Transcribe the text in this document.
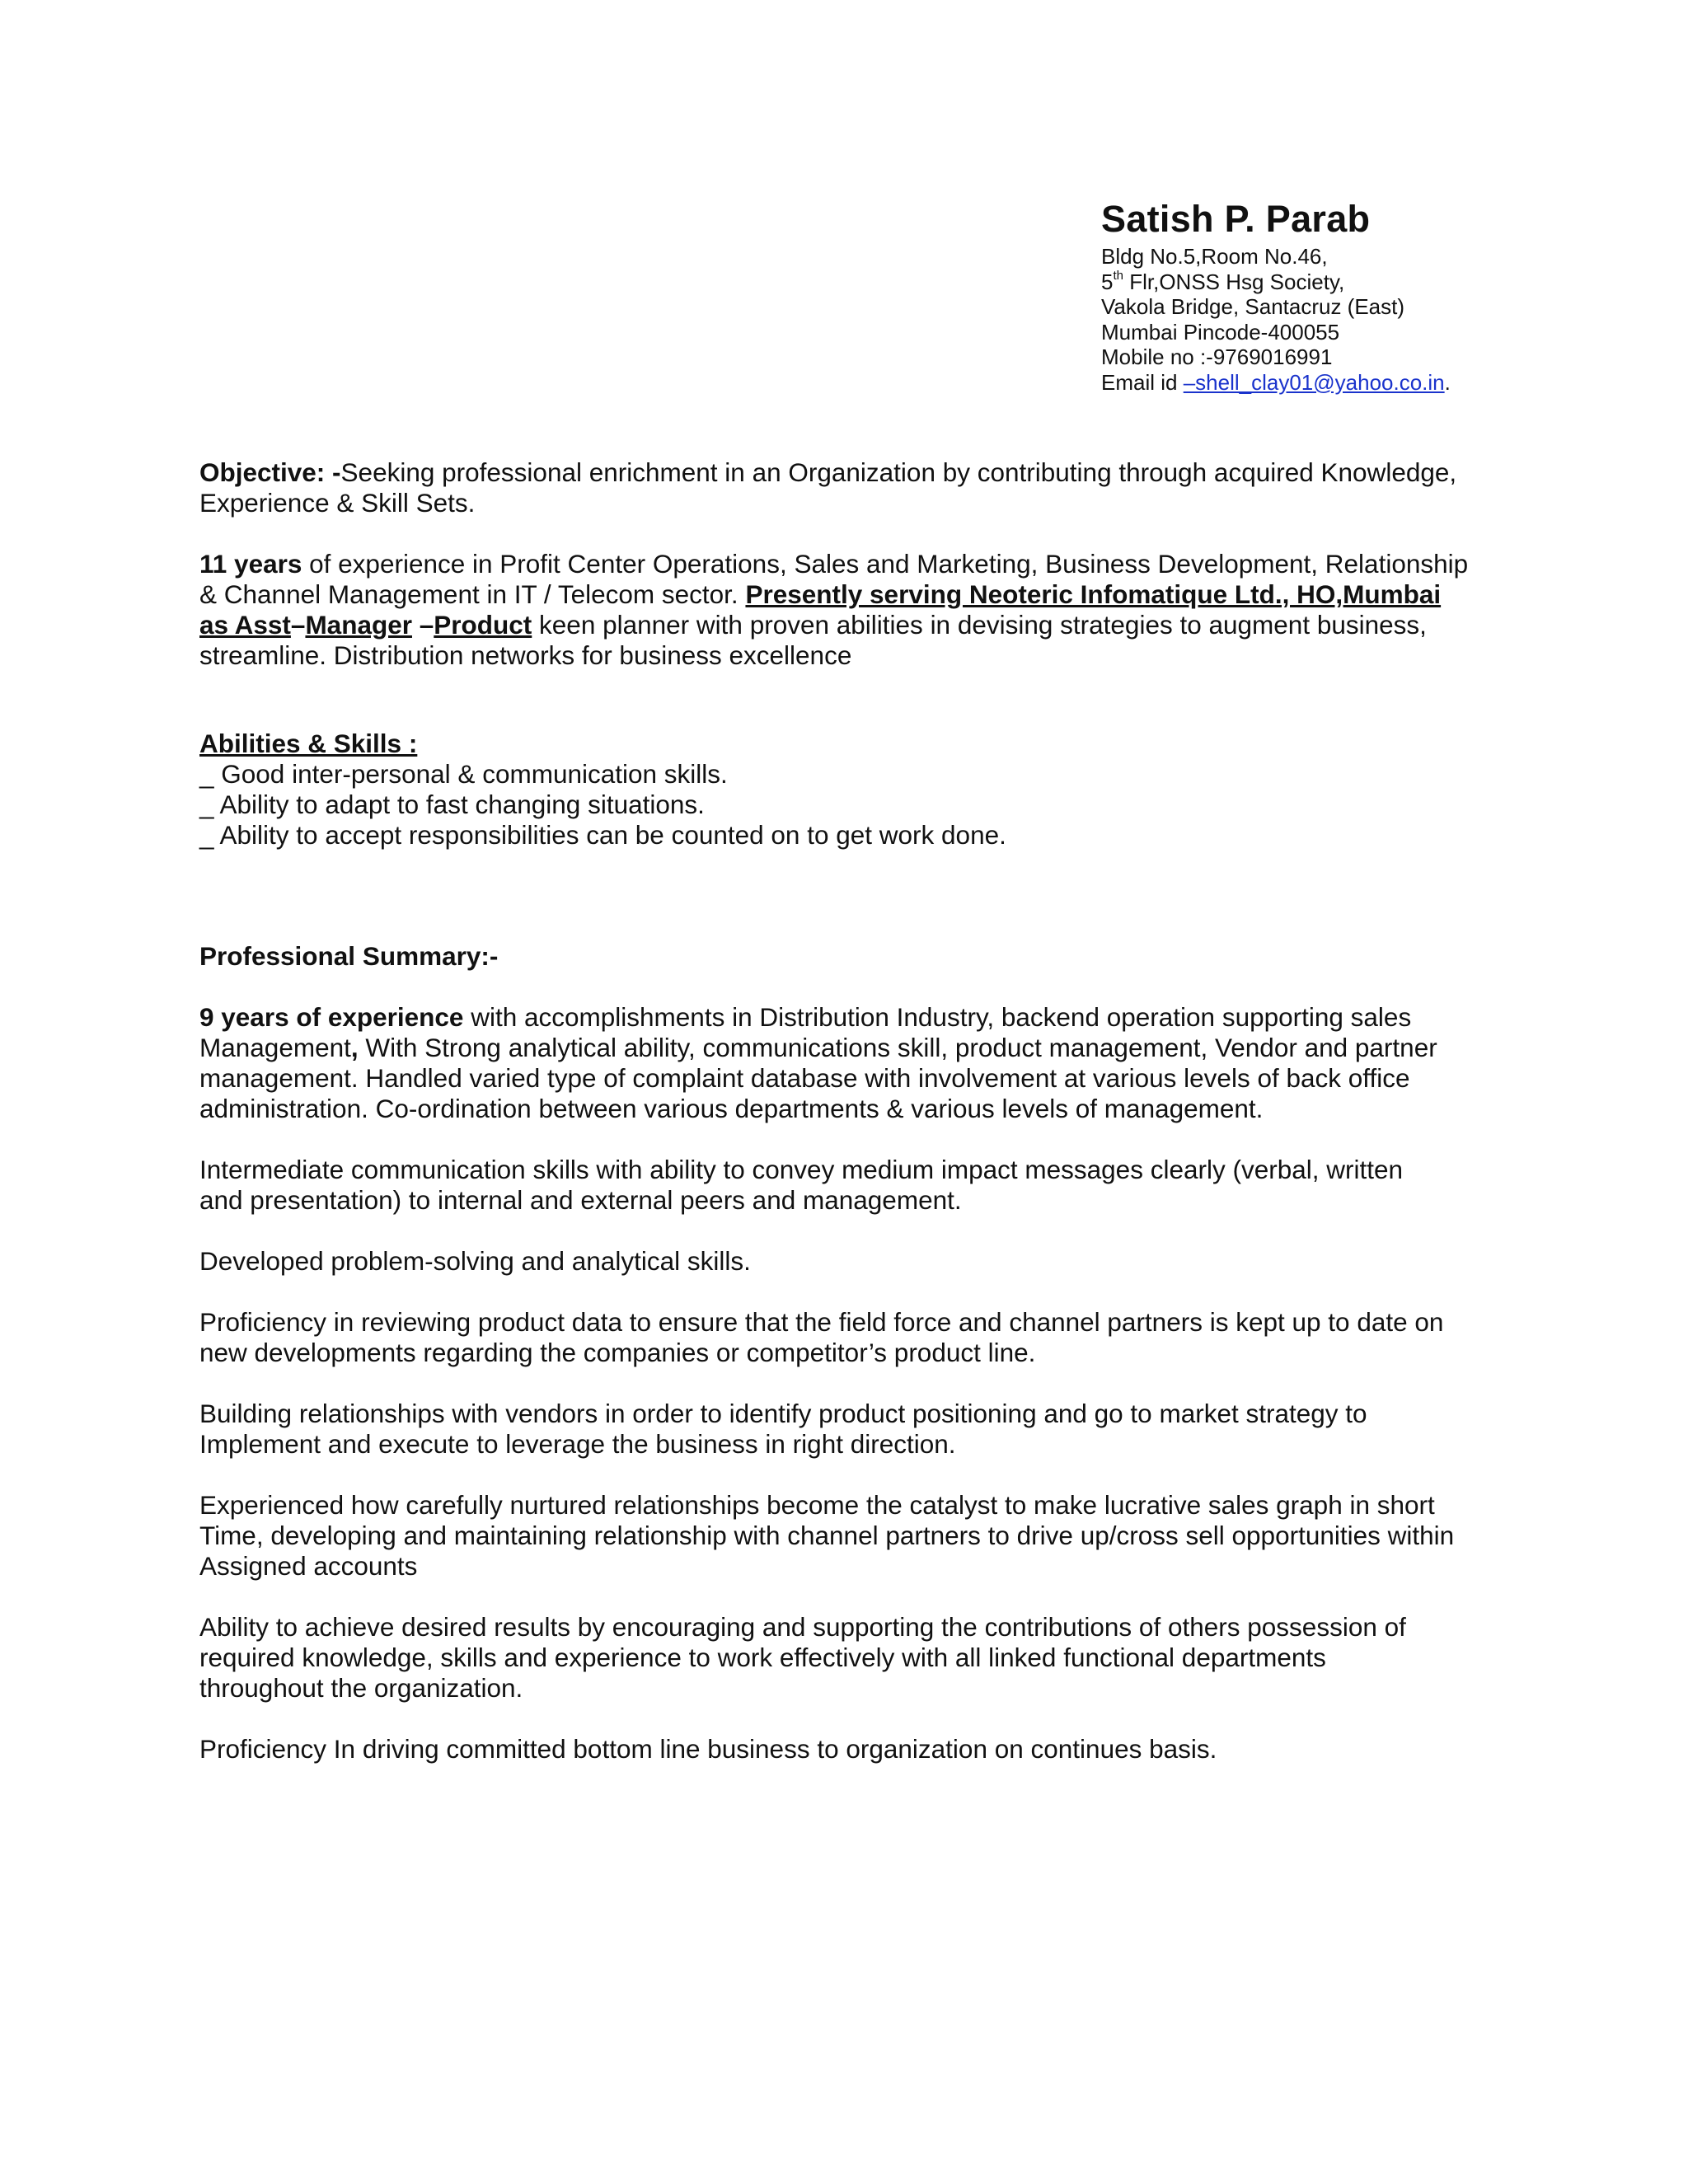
Satish P. Parab
Bldg No.5,Room No.46,
5th Flr,ONSS Hsg Society,
Vakola Bridge, Santacruz (East)
Mumbai Pincode-400055
Mobile no :-9769016991
Email id –shell_clay01@yahoo.co.in.
Objective: -Seeking professional enrichment in an Organization by contributing through acquired Knowledge,
Experience & Skill Sets.
11 years of experience in Profit Center Operations, Sales and Marketing, Business Development, Relationship
& Channel Management in IT / Telecom sector. Presently serving Neoteric Infomatique Ltd., HO,Mumbai
as Asst–Manager –Product keen planner with proven abilities in devising strategies to augment business,
streamline. Distribution networks for business excellence
Abilities & Skills :
_ Good inter-personal & communication skills.
_ Ability to adapt to fast changing situations.
_ Ability to accept responsibilities can be counted on to get work done.
Professional Summary:-
9 years of experience with accomplishments in Distribution Industry, backend operation supporting sales
Management, With Strong analytical ability, communications skill, product management, Vendor and partner
management. Handled varied type of complaint database with involvement at various levels of back office
administration. Co-ordination between various departments & various levels of management.
Intermediate communication skills with ability to convey medium impact messages clearly (verbal, written
and presentation) to internal and external peers and management.
Developed problem-solving and analytical skills.
Proficiency in reviewing product data to ensure that the field force and channel partners is kept up to date on
new developments regarding the companies or competitor’s product line.
Building relationships with vendors in order to identify product positioning and go to market strategy to
Implement and execute to leverage the business in right direction.
Experienced how carefully nurtured relationships become the catalyst to make lucrative sales graph in short
Time, developing and maintaining relationship with channel partners to drive up/cross sell opportunities within
Assigned accounts
Ability to achieve desired results by encouraging and supporting the contributions of others possession of
required knowledge, skills and experience to work effectively with all linked functional departments
throughout the organization.
Proficiency In driving committed bottom line business to organization on continues basis.
